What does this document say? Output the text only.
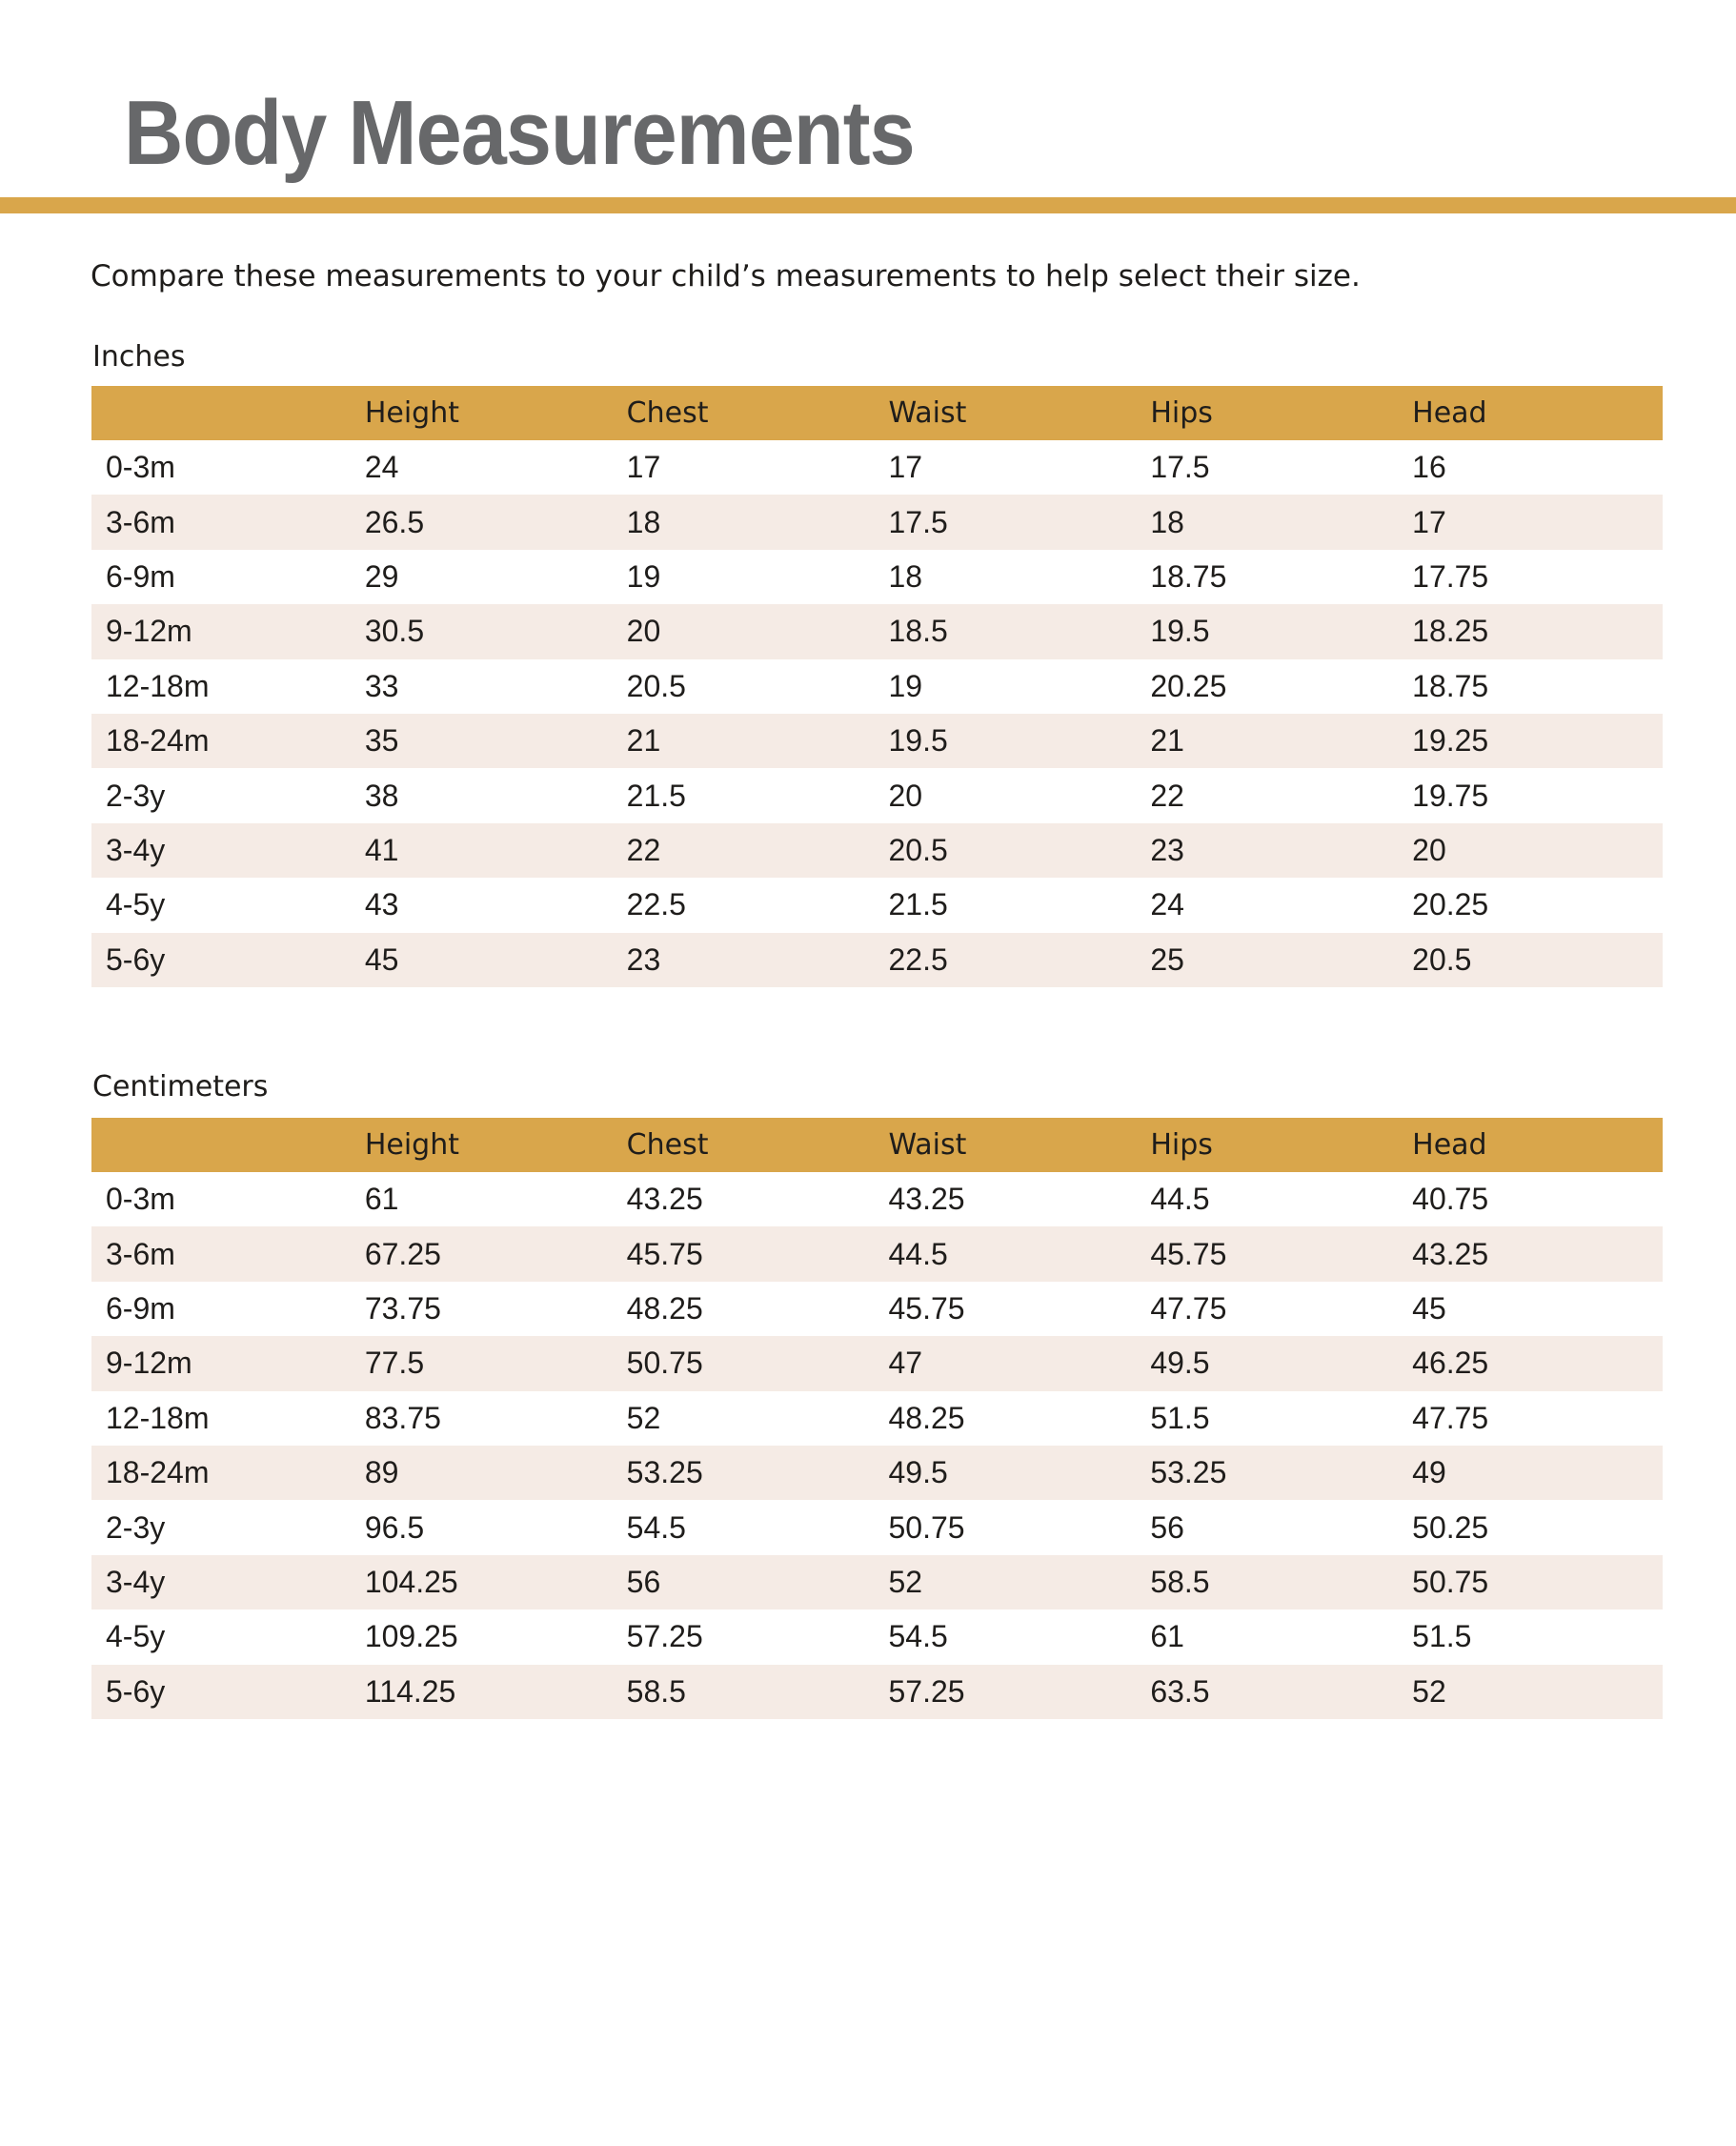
Body Measurements

Compare these measurements to your child’s measurements to help select their size.

Inches
	Height	Chest	Waist	Hips	Head
0-3m	24	17	17	17.5	16
3-6m	26.5	18	17.5	18	17
6-9m	29	19	18	18.75	17.75
9-12m	30.5	20	18.5	19.5	18.25
12-18m	33	20.5	19	20.25	18.75
18-24m	35	21	19.5	21	19.25
2-3y	38	21.5	20	22	19.75
3-4y	41	22	20.5	23	20
4-5y	43	22.5	21.5	24	20.25
5-6y	45	23	22.5	25	20.5
Centimeters
	Height	Chest	Waist	Hips	Head
0-3m	61	43.25	43.25	44.5	40.75
3-6m	67.25	45.75	44.5	45.75	43.25
6-9m	73.75	48.25	45.75	47.75	45
9-12m	77.5	50.75	47	49.5	46.25
12-18m	83.75	52	48.25	51.5	47.75
18-24m	89	53.25	49.5	53.25	49
2-3y	96.5	54.5	50.75	56	50.25
3-4y	104.25	56	52	58.5	50.75
4-5y	109.25	57.25	54.5	61	51.5
5-6y	114.25	58.5	57.25	63.5	52
